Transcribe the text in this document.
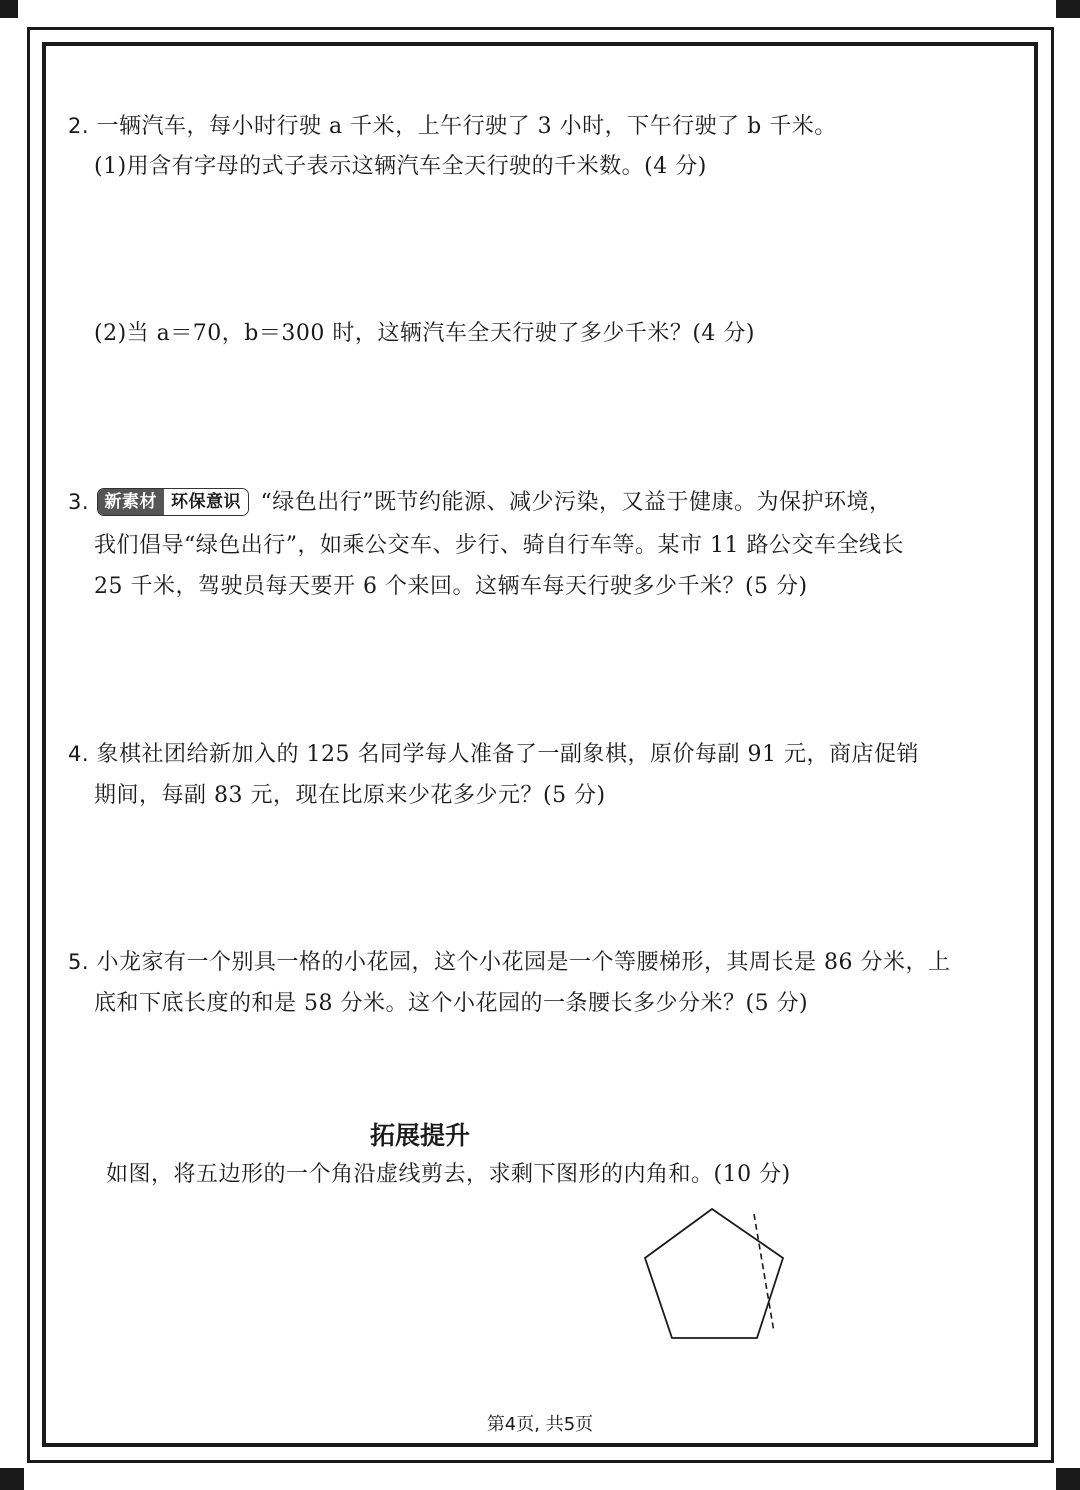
2. 一辆汽车，每小时行驶 a 千米，上午行驶了 3 小时，下午行驶了 b 千米。
(1)用含有字母的式子表示这辆汽车全天行驶的千米数。(4 分)
(2)当 a＝70，b＝300 时，这辆汽车全天行驶了多少千米？(4 分)
3. 新素材 环保意识 “绿色出行”既节约能源、减少污染，又益于健康。为保护环境，
我们倡导“绿色出行”，如乘公交车、步行、骑自行车等。某市 11 路公交车全线长
25 千米，驾驶员每天要开 6 个来回。这辆车每天行驶多少千米？(5 分)
4. 象棋社团给新加入的 125 名同学每人准备了一副象棋，原价每副 91 元，商店促销
期间，每副 83 元，现在比原来少花多少元？(5 分)
5. 小龙家有一个别具一格的小花园，这个小花园是一个等腰梯形，其周长是 86 分米，上
底和下底长度的和是 58 分米。这个小花园的一条腰长多少分米？(5 分)
拓展提升
如图，将五边形的一个角沿虚线剪去，求剩下图形的内角和。(10 分)
第4页, 共5页
